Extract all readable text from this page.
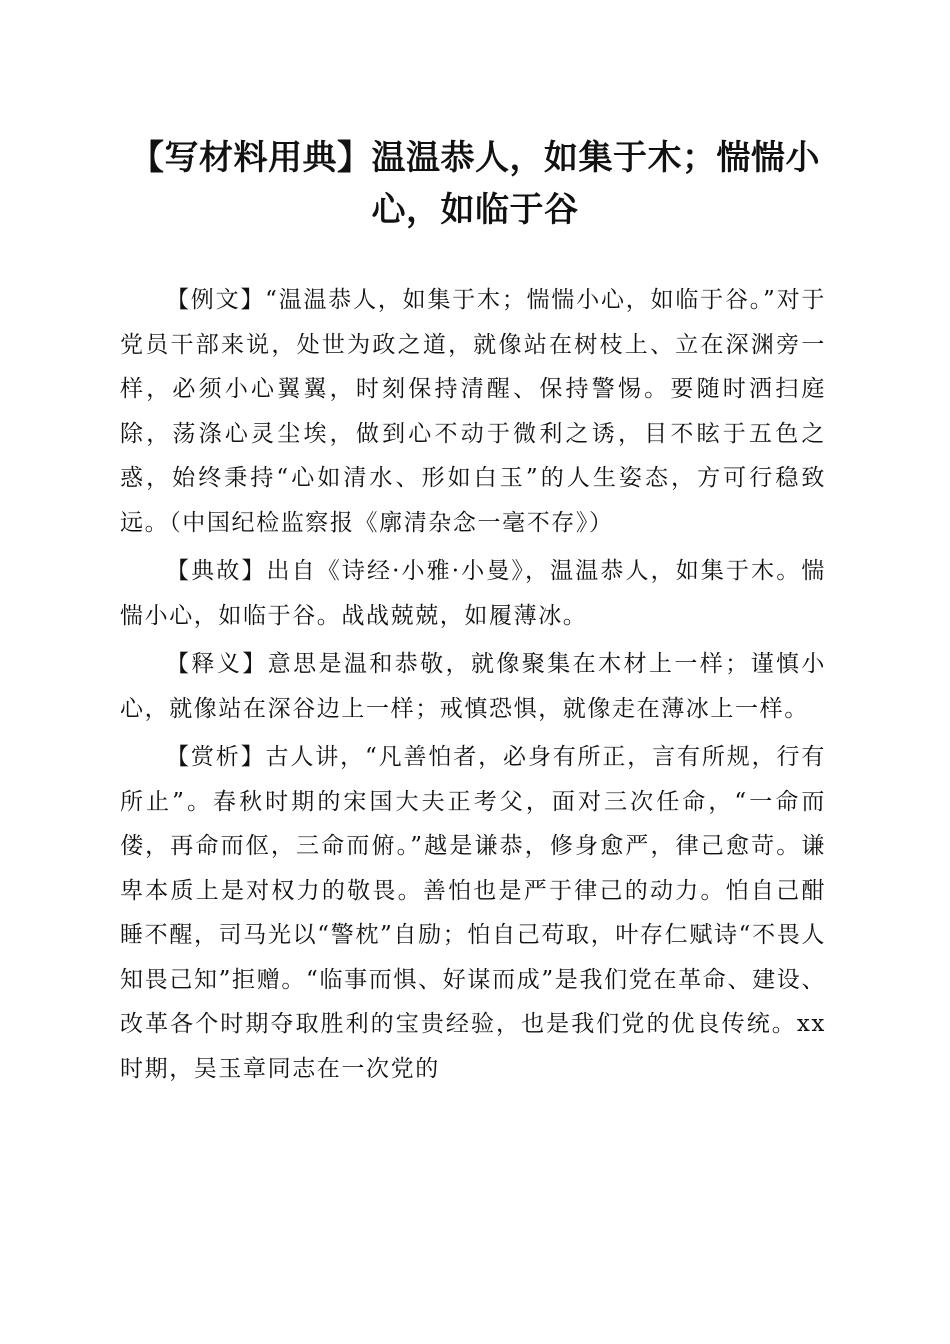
【写材料用典】温温恭人，如集于木；惴惴小心，如临于谷

【例文】“温温恭人，如集于木；惴惴小心，如临于谷。”对于党员干部来说，处世为政之道，就像站在树枝上、立在深渊旁一样，必须小心翼翼，时刻保持清醒、保持警惕。要随时洒扫庭除，荡涤心灵尘埃，做到心不动于微利之诱，目不眩于五色之惑，始终秉持“心如清水、形如白玉”的人生姿态，方可行稳致远。（中国纪检监察报《廓清杂念一毫不存》）

【典故】出自《诗经·小雅·小曼》，温温恭人，如集于木。惴惴小心，如临于谷。战战兢兢，如履薄冰。

【释义】意思是温和恭敬，就像聚集在木材上一样；谨慎小心，就像站在深谷边上一样；戒慎恐惧，就像走在薄冰上一样。

【赏析】古人讲，“凡善怕者，必身有所正，言有所规，行有所止”。春秋时期的宋国大夫正考父，面对三次任命，“一命而偻，再命而伛，三命而俯。”越是谦恭，修身愈严，律己愈苛。谦卑本质上是对权力的敬畏。善怕也是严于律己的动力。怕自己酣睡不醒，司马光以“警枕”自励；怕自己苟取，叶存仁赋诗“不畏人知畏己知”拒赠。“临事而惧、好谋而成”是我们党在革命、建设、改革各个时期夺取胜利的宝贵经验，也是我们党的优良传统。xx时期，吴玉章同志在一次党的
